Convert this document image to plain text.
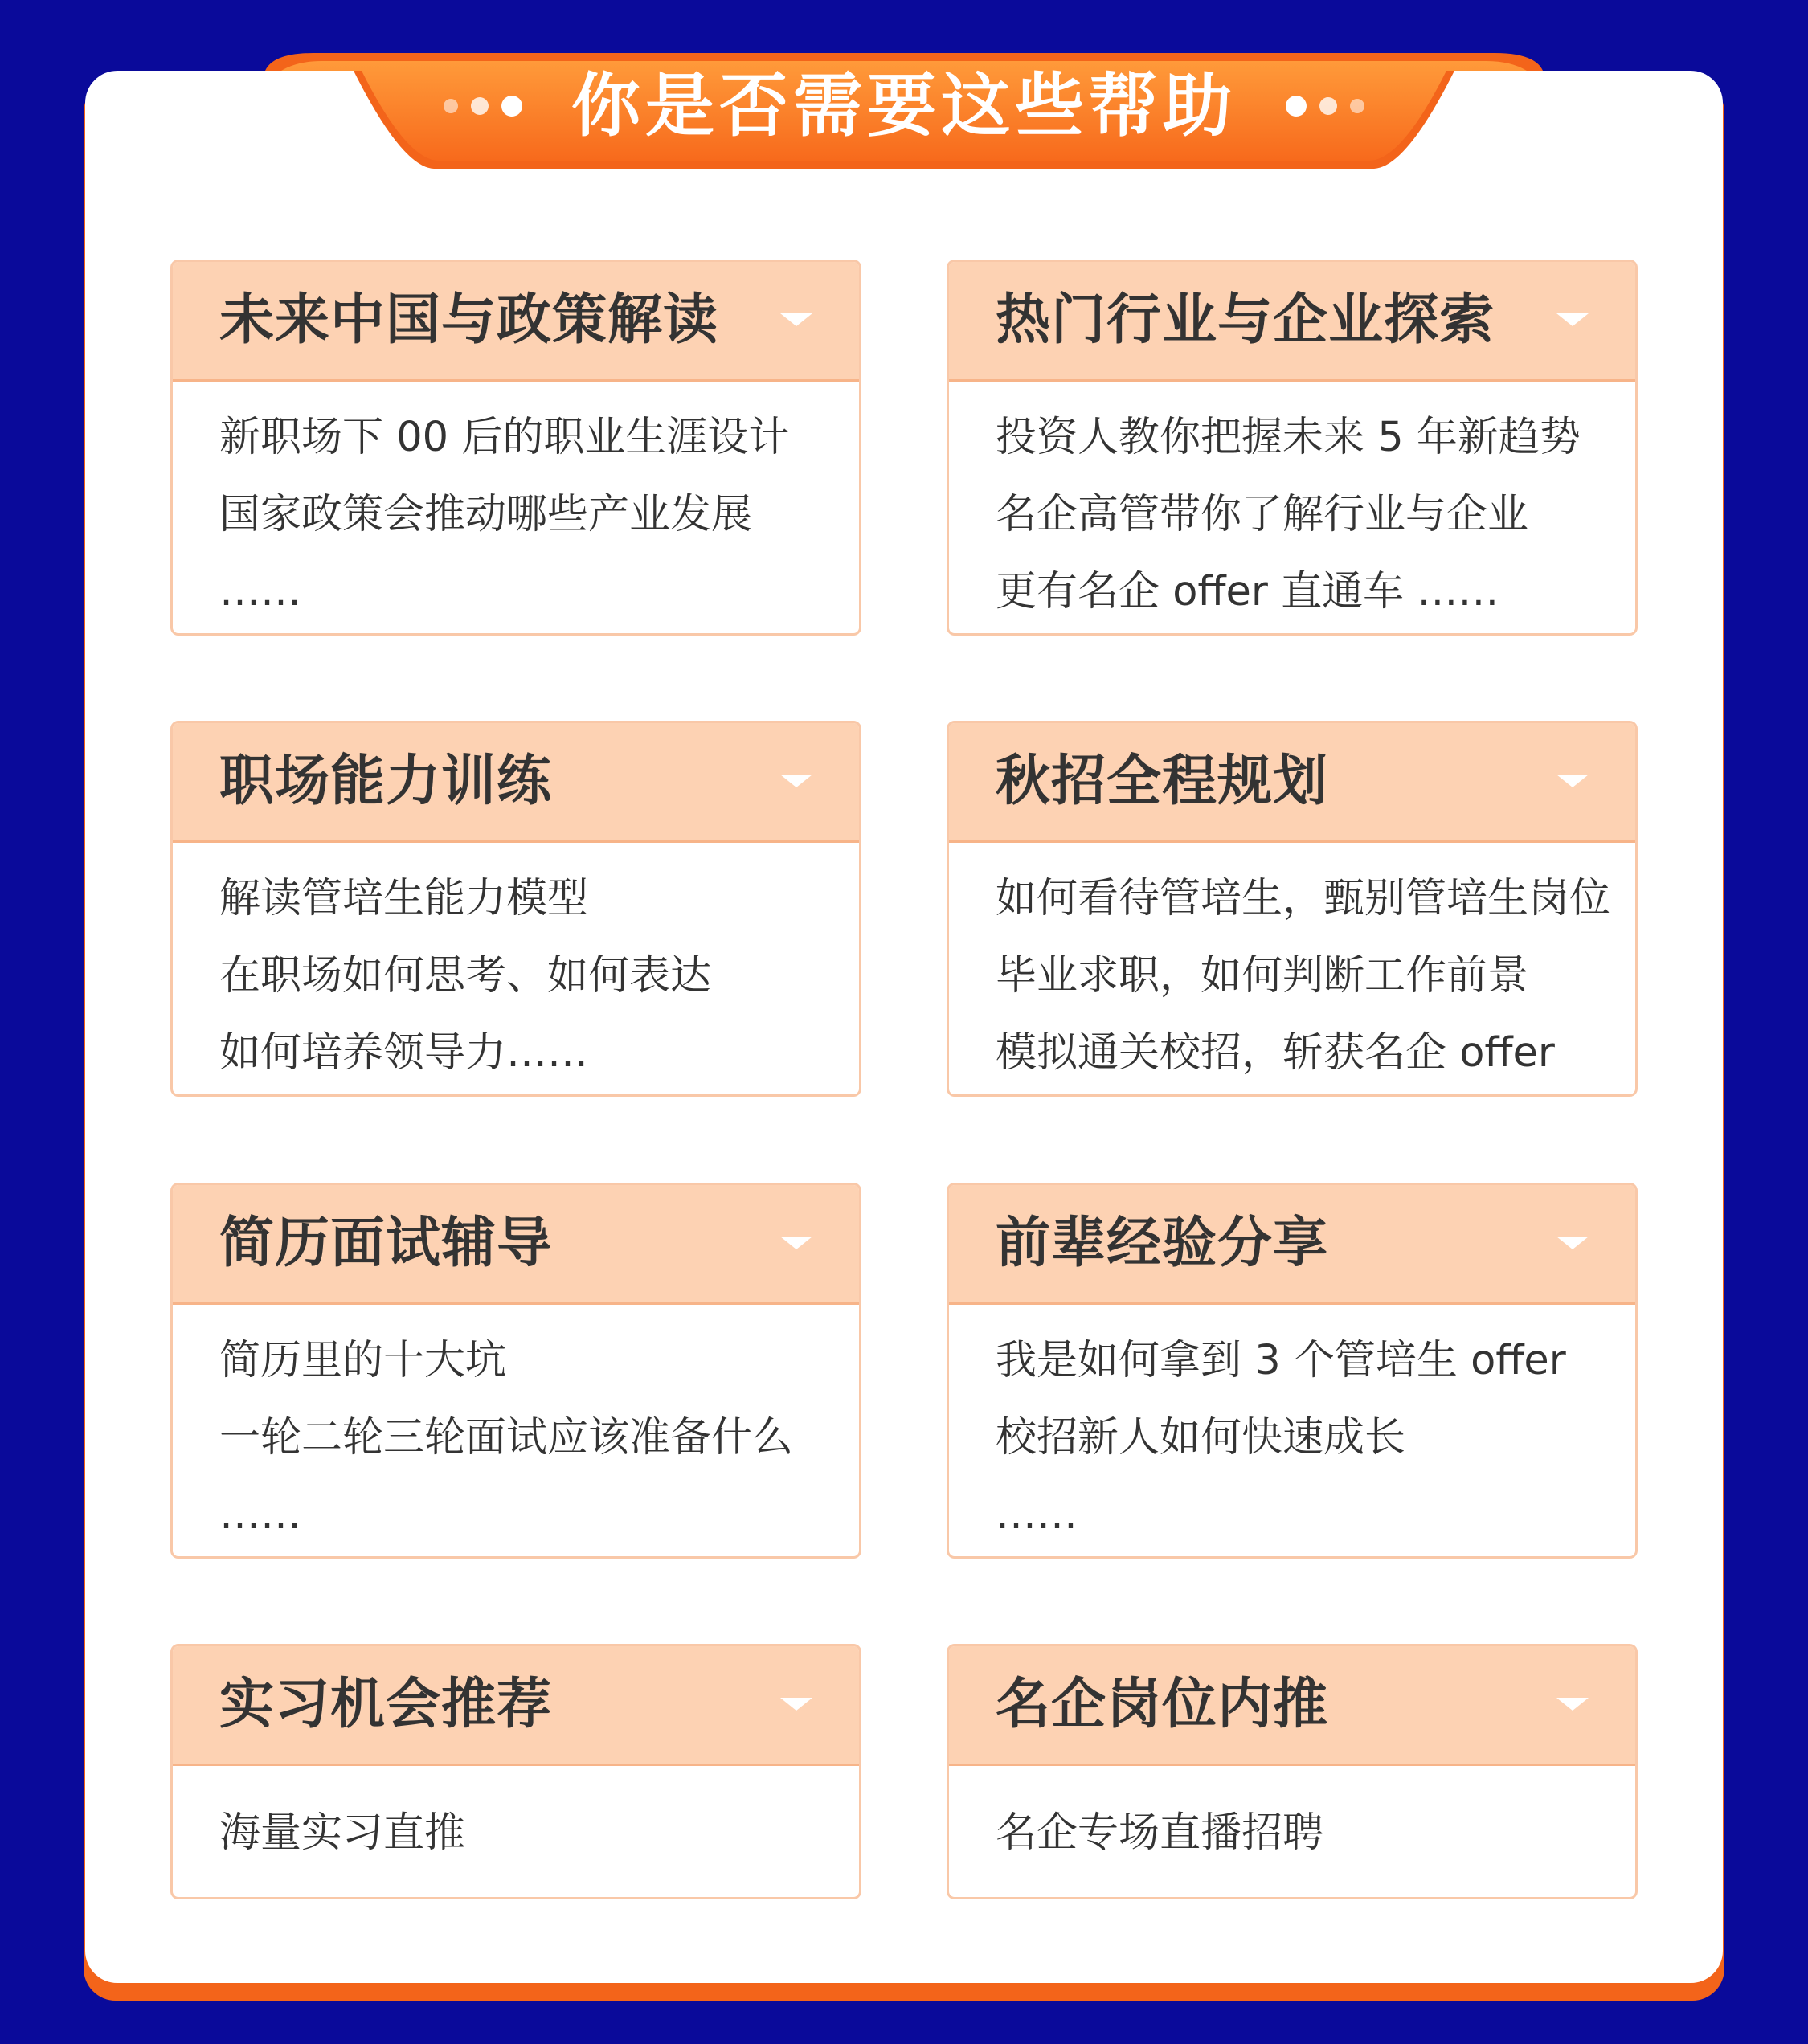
你是否需要这些帮助
未来中国与政策解读
新职场下 00 后的职业生涯设计
国家政策会推动哪些产业发展
……
热门行业与企业探索
投资人教你把握未来 5 年新趋势
名企高管带你了解行业与企业
更有名企 offer 直通车 ……
职场能力训练
解读管培生能力模型
在职场如何思考、如何表达
如何培养领导力……
秋招全程规划
如何看待管培生，甄别管培生岗位
毕业求职，如何判断工作前景
模拟通关校招，斩获名企 offer
简历面试辅导
简历里的十大坑
一轮二轮三轮面试应该准备什么
……
前辈经验分享
我是如何拿到 3 个管培生 offer
校招新人如何快速成长
……
实习机会推荐
海量实习直推
名企岗位内推
名企专场直播招聘
